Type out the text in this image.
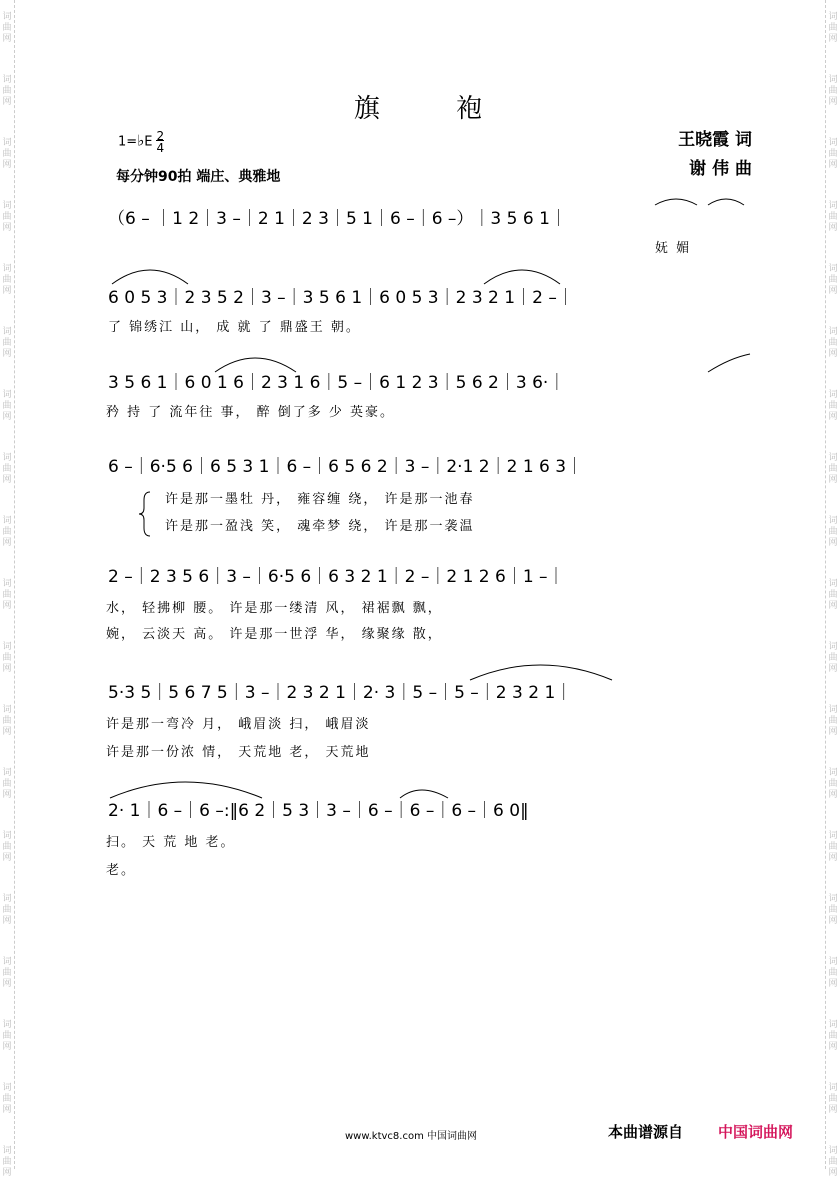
词
曲
网
词
曲
网
词
曲
网
词
曲
网
词
曲
网
词
曲
网
词
曲
网
词
曲
网
词
曲
网
词
曲
网
词
曲
网
词
曲
网
词
曲
网
词
曲
网
词
曲
网
词
曲
网
词
曲
网
词
曲
网
词
曲
网
词
曲
网
词
曲
网
词
曲
网
词
曲
网
词
曲
网
词
曲
网
词
曲
网
词
曲
网
词
曲
网
词
曲
网
词
曲
网
词
曲
网
词
曲
网
词
曲
网
词
曲
网
词
曲
网
词
曲
网
词
曲
网
词
曲
网
旗 袍
1=♭E $\frac{2}{4}$
每分钟90拍 端庄、典雅地
王晓霞 词
谢 伟 曲
（6 – ｜1 2｜3 –｜2 1｜2 3｜5 1｜6 –｜6 –）｜3 5 6 1｜
妩 媚
6 0 5 3｜2 3 5 2｜3 –｜3 5 6 1｜6 0 5 3｜2 3 2 1｜2 –｜
了 锦绣江 山， 成 就 了 鼎盛王 朝。
3 5 6 1｜6 0 1 6｜2 3 1 6｜5 –｜6 1 2 3｜5 6 2｜3 6·｜
矜 持 了 流年往 事， 醉 倒了多 少 英豪。
6 –｜6·5 6｜6 5 3 1｜6 –｜6 5 6 2｜3 –｜2·1 2｜2 1 6 3｜
许是那一墨牡 丹， 雍容缠 绕， 许是那一池春
许是那一盈浅 笑， 魂牵梦 绕， 许是那一袭温
2 –｜2 3 5 6｜3 –｜6·5 6｜6 3 2 1｜2 –｜2 1 2 6｜1 –｜
水， 轻拂柳 腰。 许是那一缕清 风， 裙裾飘 飘，
婉， 云淡天 高。 许是那一世浮 华， 缘聚缘 散，
5·3 5｜5 6 7 5｜3 –｜2 3 2 1｜2· 3｜5 –｜5 –｜2 3 2 1｜
许是那一弯冷 月， 峨眉淡 扫， 峨眉淡
许是那一份浓 情， 天荒地 老， 天荒地
2· 1｜6 –｜6 –:‖6 2｜5 3｜3 –｜6 –｜6 –｜6 –｜6 0‖
扫。 天 荒 地 老。
老。
www.ktvc8.com 中国词曲网	本曲谱源自 中国词曲网
